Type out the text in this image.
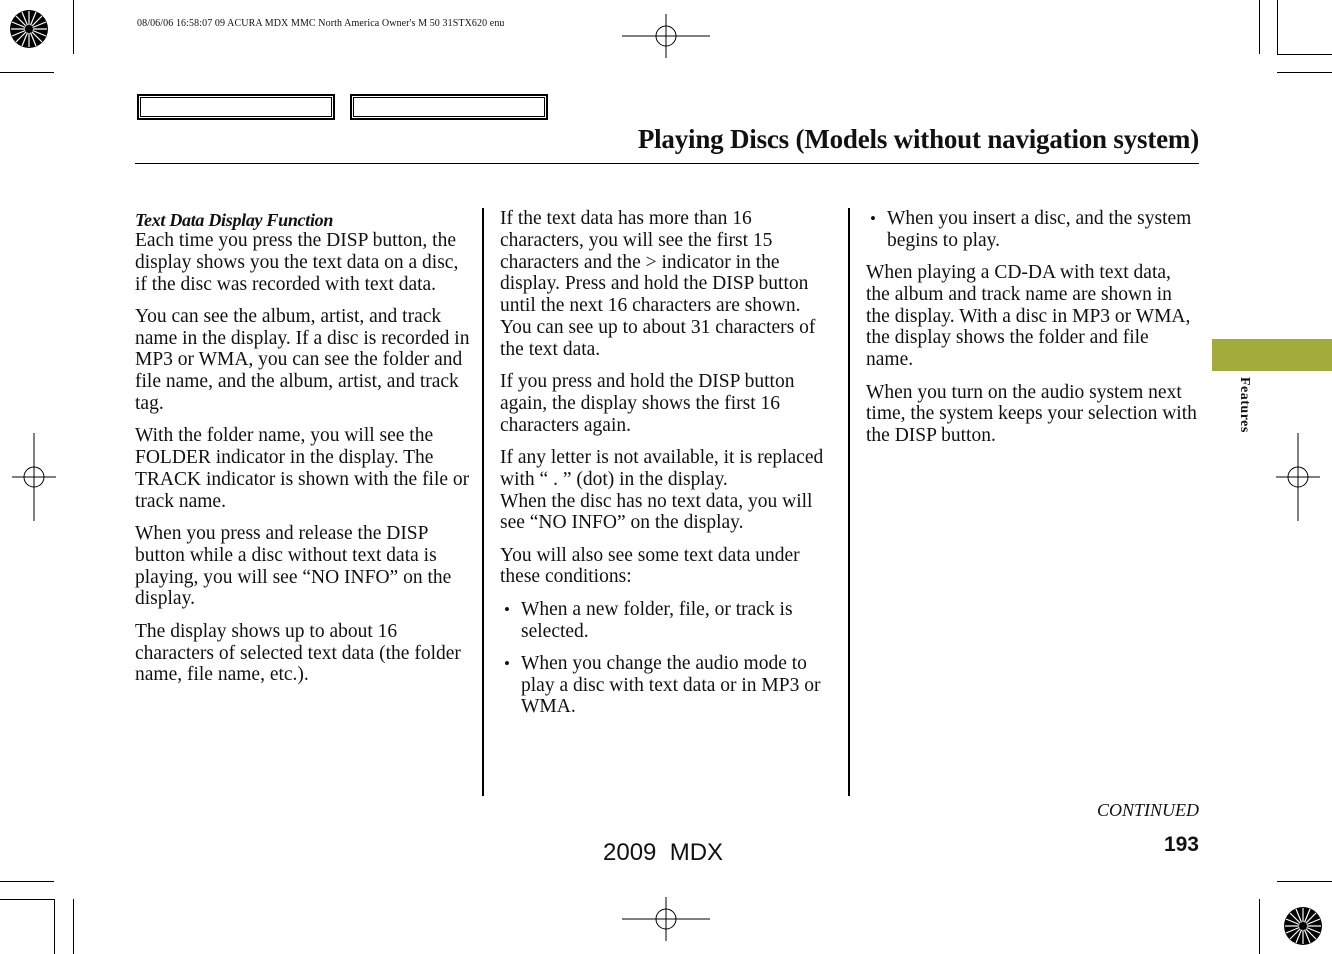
08/06/06 16:58:07 09 ACURA MDX MMC North America Owner's M 50 31STX620 enu
Playing Discs (Models without navigation system)
Text Data Display Function

Each time you press the DISP button, the display shows you the text data on a disc, if the disc was recorded with text data.

You can see the album, artist, and track name in the display. If a disc is recorded in MP3 or WMA, you can see the folder and file name, and the album, artist, and track tag.

With the folder name, you will see the FOLDER indicator in the display. The TRACK indicator is shown with the file or track name.

When you press and release the DISP button while a disc without text data is playing, you will see “NO INFO” on the display.

The display shows up to about 16 characters of selected text data (the folder name, file name, etc.).

If the text data has more than 16 characters, you will see the first 15 characters and the > indicator in the display. Press and hold the DISP button until the next 16 characters are shown. You can see up to about 31 characters of the text data.

If you press and hold the DISP button again, the display shows the first 16 characters again.

If any letter is not available, it is replaced with “ . ” (dot) in the display.

When the disc has no text data, you will see “NO INFO” on the display.

You will also see some text data under these conditions:

• When a new folder, file, or track is selected.
• When you change the audio mode to play a disc with text data or in MP3 or WMA.
• When you insert a disc, and the system begins to play.

When playing a CD-DA with text data, the album and track name are shown in the display. With a disc in MP3 or WMA, the display shows the folder and file name.

When you turn on the audio system next time, the system keeps your selection with the DISP button.

Features
CONTINUED
193
2009  MDX
